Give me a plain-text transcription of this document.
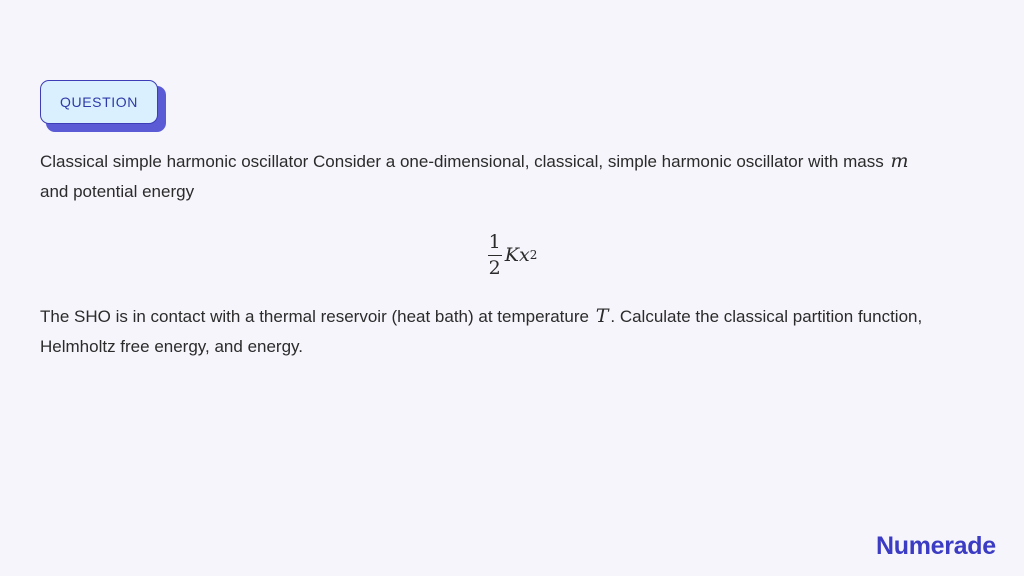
QUESTION

Classical simple harmonic oscillator Consider a one-dimensional, classical, simple harmonic oscillator with mass m
and potential energy

$\frac{1}{2}$ Kx 2

The SHO is in contact with a thermal reservoir (heat bath) at temperature T . Calculate the classical partition function, Helmholtz free energy, and energy.

Numerade
